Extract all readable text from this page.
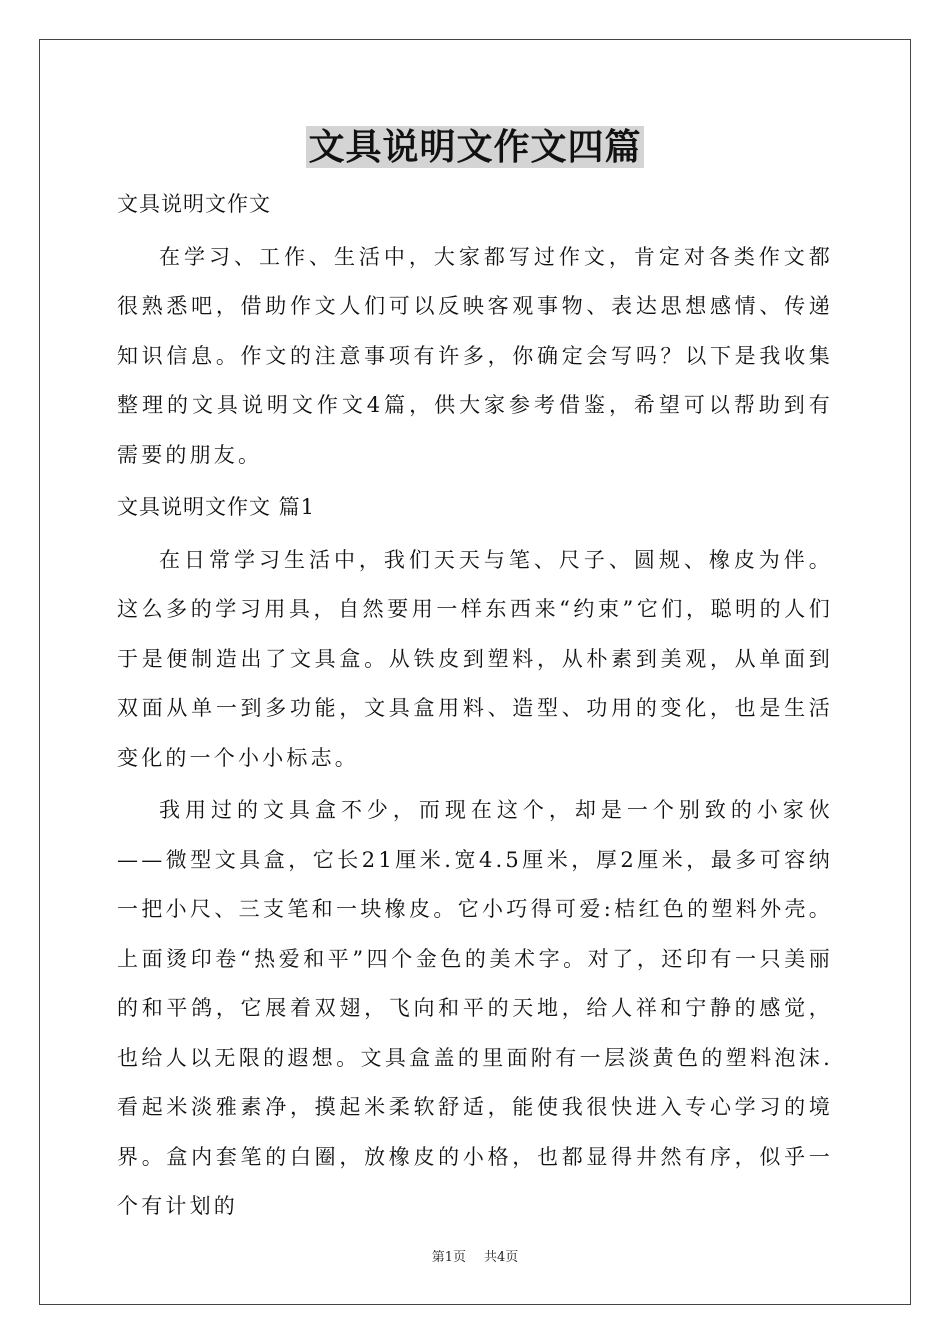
文具说明文作文四篇

文具说明文作文

在学习、工作、生活中，大家都写过作文，肯定对各类作文都很熟悉吧，借助作文人们可以反映客观事物、表达思想感情、传递知识信息。作文的注意事项有许多，你确定会写吗？以下是我收集整理的文具说明文作文4篇，供大家参考借鉴，希望可以帮助到有需要的朋友。

文具说明文作文 篇1

在日常学习生活中，我们天天与笔、尺子、圆规、橡皮为伴。这么多的学习用具，自然要用一样东西来“约束”它们，聪明的人们于是便制造出了文具盒。从铁皮到塑料，从朴素到美观，从单面到双面从单一到多功能，文具盒用料、造型、功用的变化，也是生活变化的一个小小标志。

我用过的文具盒不少，而现在这个，却是一个别致的小家伙——微型文具盒，它长21厘米.宽4.5厘米，厚2厘米，最多可容纳一把小尺、三支笔和一块橡皮。它小巧得可爱:桔红色的塑料外壳。上面烫印卷“热爱和平”四个金色的美术字。对了，还印有一只美丽的和平鸽，它展着双翅，飞向和平的天地，给人祥和宁静的感觉，也给人以无限的遐想。文具盒盖的里面附有一层淡黄色的塑料泡沫.看起米淡雅素净，摸起米柔软舒适，能使我很快进入专心学习的境界。盒内套笔的白圈，放橡皮的小格，也都显得井然有序，似乎一个有计划的

第1页 共4页
